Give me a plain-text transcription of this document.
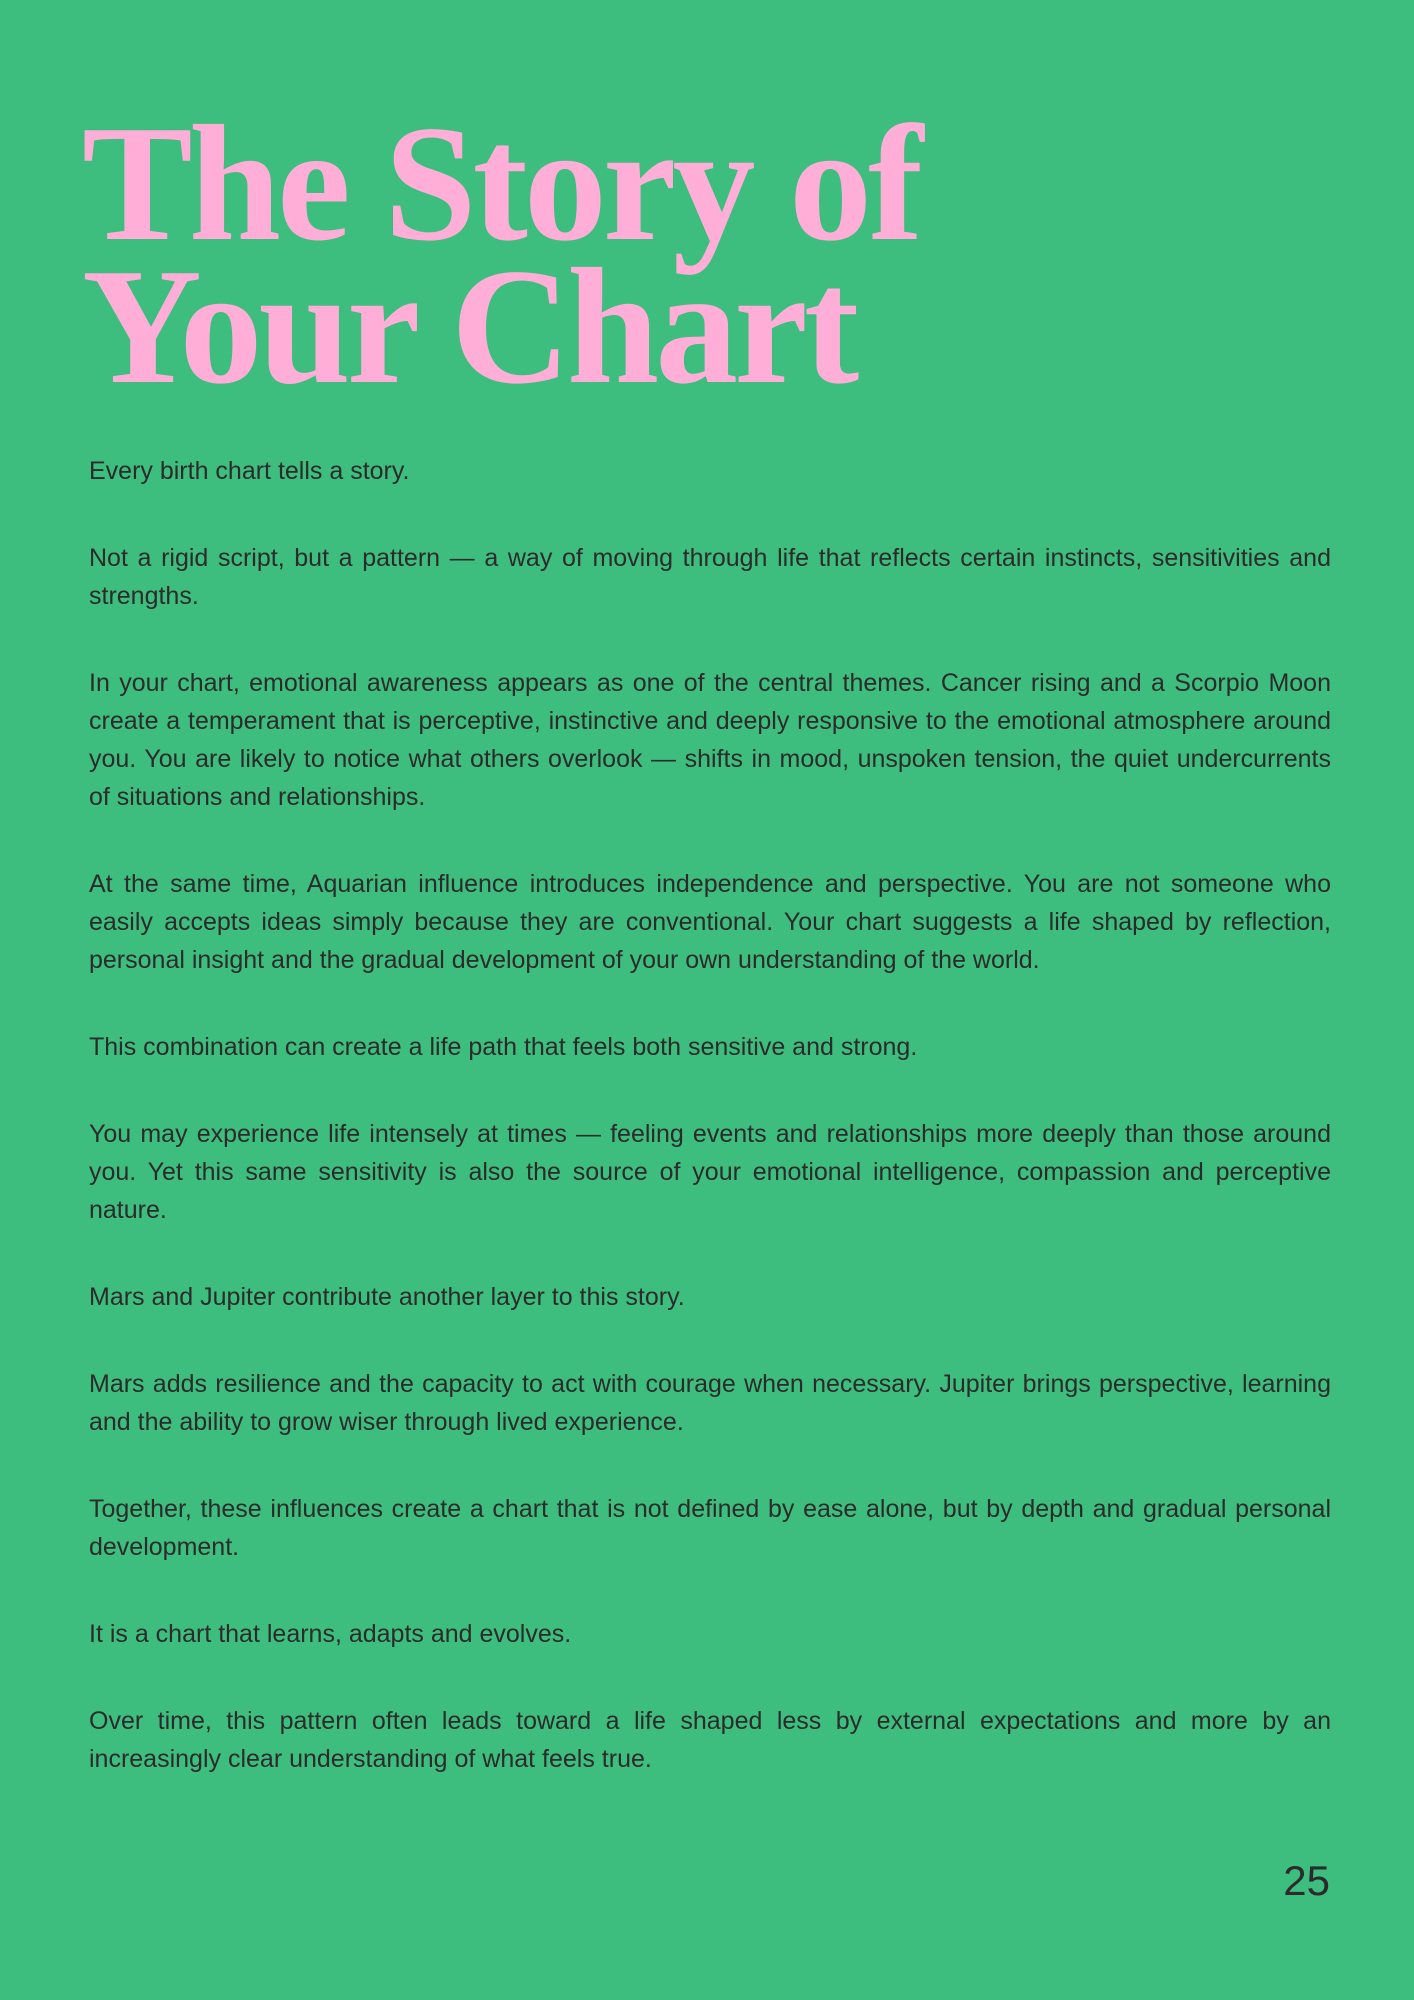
The Story of
Your Chart

Every birth chart tells a story.

Not a rigid script, but a pattern — a way of moving through life that reflects certain instincts, sensitivities and strengths.

In your chart, emotional awareness appears as one of the central themes. Cancer rising and a Scorpio Moon create a temperament that is perceptive, instinctive and deeply responsive to the emotional atmosphere around you. You are likely to notice what others overlook — shifts in mood, unspoken tension, the quiet undercurrents of situations and relationships.

At the same time, Aquarian influence introduces independence and perspective. You are not someone who easily accepts ideas simply because they are conventional. Your chart suggests a life shaped by reflection, personal insight and the gradual development of your own understanding of the world.

This combination can create a life path that feels both sensitive and strong.

You may experience life intensely at times — feeling events and relationships more deeply than those around you. Yet this same sensitivity is also the source of your emotional intelligence, compassion and perceptive nature.

Mars and Jupiter contribute another layer to this story.

Mars adds resilience and the capacity to act with courage when necessary. Jupiter brings perspective, learning and the ability to grow wiser through lived experience.

Together, these influences create a chart that is not defined by ease alone, but by depth and gradual personal development.

It is a chart that learns, adapts and evolves.

Over time, this pattern often leads toward a life shaped less by external expectations and more by an increasingly clear understanding of what feels true.

25
